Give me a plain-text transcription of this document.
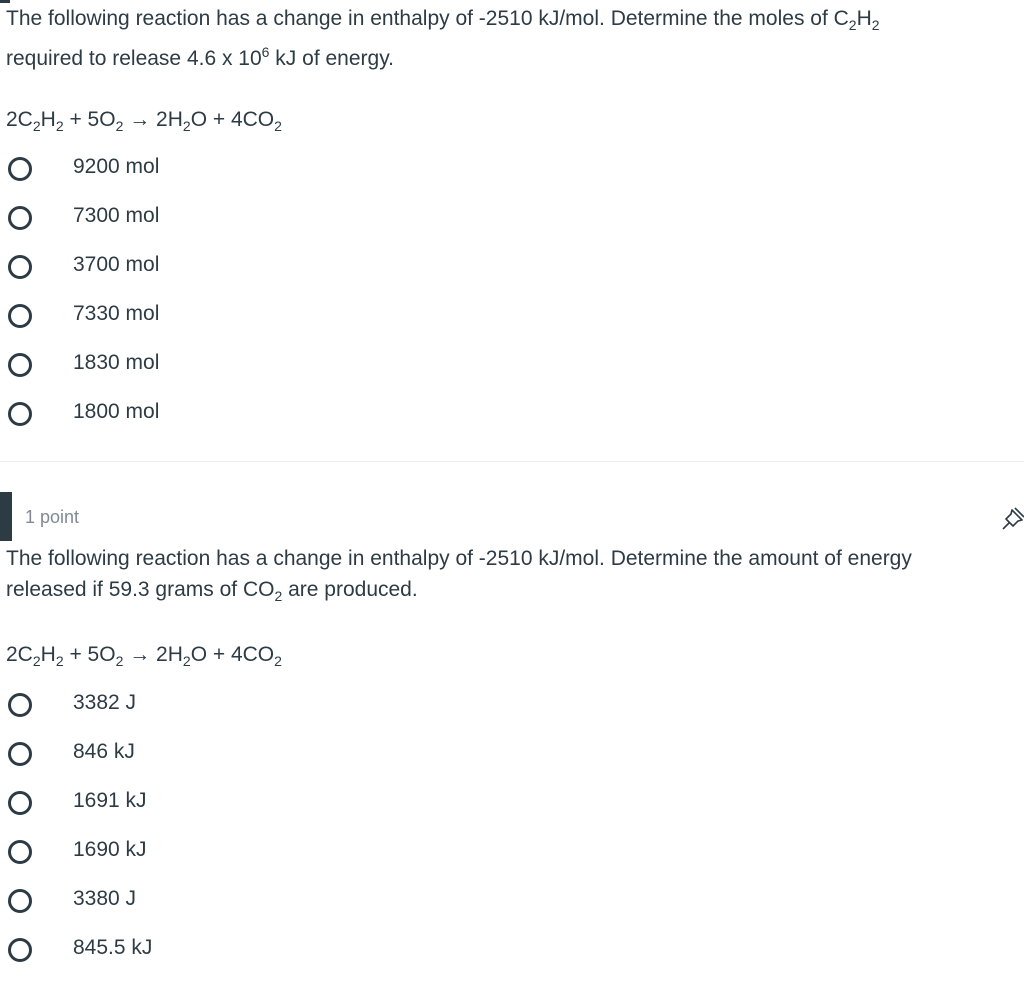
The following reaction has a change in enthalpy of -2510 kJ/mol. Determine the moles of $C_2H_2$
required to release 4.6 x $10^6$ kJ of energy.
$2C_2H_2 + 5O_2 \to 2H_2O + 4CO_2$
9200 mol
7300 mol
3700 mol
7330 mol
1830 mol
1800 mol
1 point
The following reaction has a change in enthalpy of -2510 kJ/mol. Determine the amount of energy
released if 59.3 grams of $CO_2$ are produced.
$2C_2H_2 + 5O_2 \to 2H_2O + 4CO_2$
3382 J
846 kJ
1691 kJ
1690 kJ
3380 J
845.5 kJ
